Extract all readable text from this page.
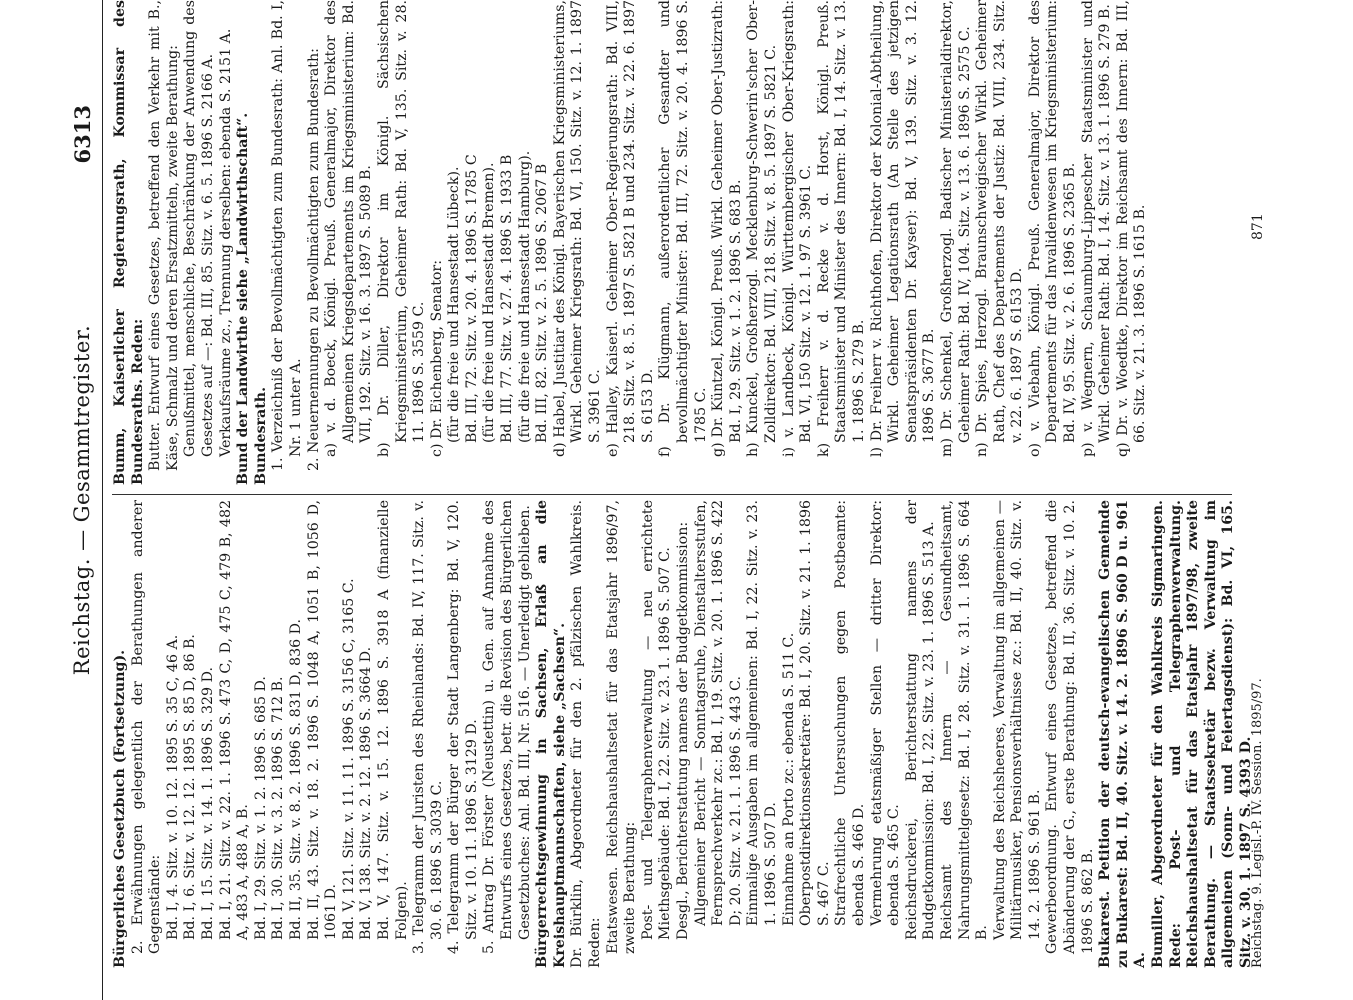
Reichstag. — Gesammtregister.
6313

Bürgerliches Gesetzbuch (Fortsetzung). 2. Erwähnungen gelegentlich der Berathungen anderer Gegenstände: Bd. I, 4. Sitz. v. 10. 12. 1895 S. 35 C, 46 A. Bd. I, 6. Sitz. v. 12. 12. 1895 S. 85 D, 86 B. Bd. I, 15. Sitz. v. 14. 1. 1896 S. 329 D. Bd. I, 21. Sitz. v. 22. 1. 1896 S. 473 C, D, 475 C, 479 B, 482 A, 483 A, 488 A, B. Bd. I, 29. Sitz. v. 1. 2. 1896 S. 685 D. Bd. I, 30. Sitz. v. 3. 2. 1896 S. 712 B. Bd. II, 35. Sitz. v. 8. 2. 1896 S. 831 D, 836 D. Bd. II, 43. Sitz. v. 18. 2. 1896 S. 1048 A, 1051 B, 1056 D, 1061 D. Bd. V, 121. Sitz. v. 11. 11. 1896 S. 3156 C, 3165 C. Bd. V, 138. Sitz. v. 2. 12. 1896 S. 3664 D. Bd. V, 147. Sitz. v. 15. 12. 1896 S. 3918 A (finanzielle Folgen). 3. Telegramm der Juristen des Rheinlands: Bd. IV, 117. Sitz. v. 30. 6. 1896 S. 3039 C. 4. Telegramm der Bürger der Stadt Langenberg: Bd. V, 120. Sitz. v. 10. 11. 1896 S. 3129 D. 5. Antrag Dr. Förster (Neustettin) u. Gen. auf Annahme des Entwurfs eines Gesetzes, betr. die Revision des Bürgerlichen Gesetzbuches: Anl. Bd. III, Nr. 516. — Unerledigt geblieben. Bürgerrechtsgewinnung in Sachsen, Erlaß an die Kreishauptmannschaften, siehe „Sachsen“. Dr. Bürklin, Abgeordneter für den 2. pfälzischen Wahlkreis. Reden: Etatswesen. Reichshaushaltsetat für das Etatsjahr 1896/97, zweite Berathung: Post- und Telegraphenverwaltung — neu errichtete Miethsgebäude: Bd. I, 22. Sitz. v. 23. 1. 1896 S. 507 C. Desgl., Berichterstattung namens der Budgetkommission: Allgemeiner Bericht — Sonntagsruhe, Dienstaltersstufen, Fernsprechverkehr zc.: Bd. I, 19. Sitz. v. 20. 1. 1896 S. 422 D; 20. Sitz. v. 21. 1. 1896 S. 443 C. Einmalige Ausgaben im allgemeinen: Bd. I, 22. Sitz. v. 23. 1. 1896 S. 507 D. Einnahme an Porto zc.: ebenda S. 511 C. Oberpostdirektionssekretäre: Bd. I, 20. Sitz. v. 21. 1. 1896 S. 467 C. Strafrechtliche Untersuchungen gegen Postbeamte: ebenda S. 466 D. Vermehrung etatsmäßiger Stellen — dritter Direktor: ebenda S. 465 C. Reichsdruckerei, Berichterstattung namens der Budgetkommission: Bd. I, 22. Sitz. v. 23. 1. 1896 S. 513 A. Reichsamt des Innern — Gesundheitsamt, Nahrungsmittelgesetz: Bd. I, 28. Sitz. v. 31. 1. 1896 S. 664 B. Verwaltung des Reichsheeres, Verwaltung im allgemeinen — Militärmusiker, Pensionsverhältnisse zc.: Bd. II, 40. Sitz. v. 14. 2. 1896 S. 961 B. Gewerbeordnung. Entwurf eines Gesetzes, betreffend die Abänderung der G., erste Berathung: Bd. II, 36. Sitz. v. 10. 2. 1896 S. 862 B. Bukarest. Petition der deutsch-evangelischen Gemeinde zu Bukarest: Bd. II, 40. Sitz. v. 14. 2. 1896 S. 960 D u. 961 A. Bumiller, Abgeordneter für den Wahlkreis Sigmaringen. Rede: Post- und Telegraphenverwaltung. Reichshaushaltsetat für das Etatsjahr 1897/98, zweite Berathung. — Staatssekretär bezw. Verwaltung im allgemeinen (Sonn- und Feiertagsdienst): Bd. VI, 165. Sitz. v. 30. 1. 1897 S. 4393 D.

Bumm, Kaiserlicher Regierungsrath, Kommissar des Bundesraths. Reden: Butter. Entwurf eines Gesetzes, betreffend den Verkehr mit B., Käse, Schmalz und deren Ersatzmitteln, zweite Berathung: Genußmittel, menschliche, Beschränkung der Anwendung des Gesetzes auf —: Bd. III, 85. Sitz. v. 6. 5. 1896 S. 2166 A. Verkaufsräume zc., Trennung derselben: ebenda S. 2151 A. Bund der Landwirthe siehe „Landwirthschaft“. Bundesrath. 1. Verzeichniß der Bevollmächtigten zum Bundesrath: Anl. Bd. I, Nr. 1 unter A. 2. Neuernennungen zu Bevollmächtigten zum Bundesrath: a) v. d. Boeck, Königl. Preuß. Generalmajor, Direktor des Allgemeinen Kriegsdepartements im Kriegsministerium: Bd. VII, 192. Sitz. v. 16. 3. 1897 S. 5089 B. b) Dr. Diller, Direktor im Königl. Sächsischen Kriegsministerium, Geheimer Rath: Bd. V, 135. Sitz. v. 28. 11. 1896 S. 3559 C. c) Dr. Eichenberg, Senator: (für die freie und Hansestadt Lübeck). Bd. III, 72. Sitz. v. 20. 4. 1896 S. 1785 C (für die freie und Hansestadt Bremen). Bd. III, 77. Sitz. v. 27. 4. 1896 S. 1933 B (für die freie und Hansestadt Hamburg). Bd. III, 82. Sitz. v. 2. 5. 1896 S. 2067 B d) Habel, Justitiar des Königl. Bayerischen Kriegsministeriums, Wirkl. Geheimer Kriegsrath: Bd. VI, 150. Sitz. v. 12. 1. 1897 S. 3961 C. e) Halley, Kaiserl. Geheimer Ober-Regierungsrath: Bd. VIII, 218. Sitz. v. 8. 5. 1897 S. 5821 B und 234. Sitz. v. 22. 6. 1897 S. 6153 D. f) Dr. Klügmann, außerordentlicher Gesandter und bevollmächtigter Minister: Bd. III, 72. Sitz. v. 20. 4. 1896 S. 1785 C. g) Dr. Küntzel, Königl. Preuß. Wirkl. Geheimer Ober-Justizrath: Bd. I, 29. Sitz. v. 1. 2. 1896 S. 683 B. h) Kunckel, Großherzogl. Mecklenburg-Schwerin'scher Ober-Zolldirektor: Bd. VIII, 218. Sitz. v. 8. 5. 1897 S. 5821 C. i) v. Landbeck, Königl. Württembergischer Ober-Kriegsrath: Bd. VI, 150 Sitz. v. 12. 1. 97 S. 3961 C. k) Freiherr v. d. Recke v. d. Horst, Königl. Preuß. Staatsminister und Minister des Innern: Bd. I, 14. Sitz. v. 13. 1. 1896 S. 279 B. l) Dr. Freiherr v. Richthofen, Direktor der Kolonial-Abtheilung, Wirkl. Geheimer Legationsrath (An Stelle des jetzigen Senatspräsidenten Dr. Kayser): Bd. V, 139. Sitz. v. 3. 12. 1896 S. 3677 B. m) Dr. Schenkel, Großherzogl. Badischer Ministerialdirektor, Geheimer Rath: Bd. IV, 104. Sitz. v. 13. 6. 1896 S. 2575 C. n) Dr. Spies, Herzogl. Braunschweigischer Wirkl. Geheimer Rath, Chef des Departements der Justiz: Bd. VIII, 234. Sitz. v. 22. 6. 1897 S. 6153 D. o) v. Viebahn, Königl. Preuß. Generalmajor, Direktor des Departements für das Invalidenwesen im Kriegsministerium: Bd. IV, 95. Sitz. v. 2. 6. 1896 S. 2365 B. p) v. Wegnern, Schaumburg-Lippescher Staatsminister und Wirkl. Geheimer Rath: Bd. I, 14. Sitz. v. 13. 1. 1896 S. 279 B. q) Dr. v. Woedtke, Direktor im Reichsamt des Innern: Bd. III, 66. Sitz. v. 21. 3. 1896 S. 1615 B.

Reichstag. 9. Legisl.-P. IV. Session. 1895/97.
871
